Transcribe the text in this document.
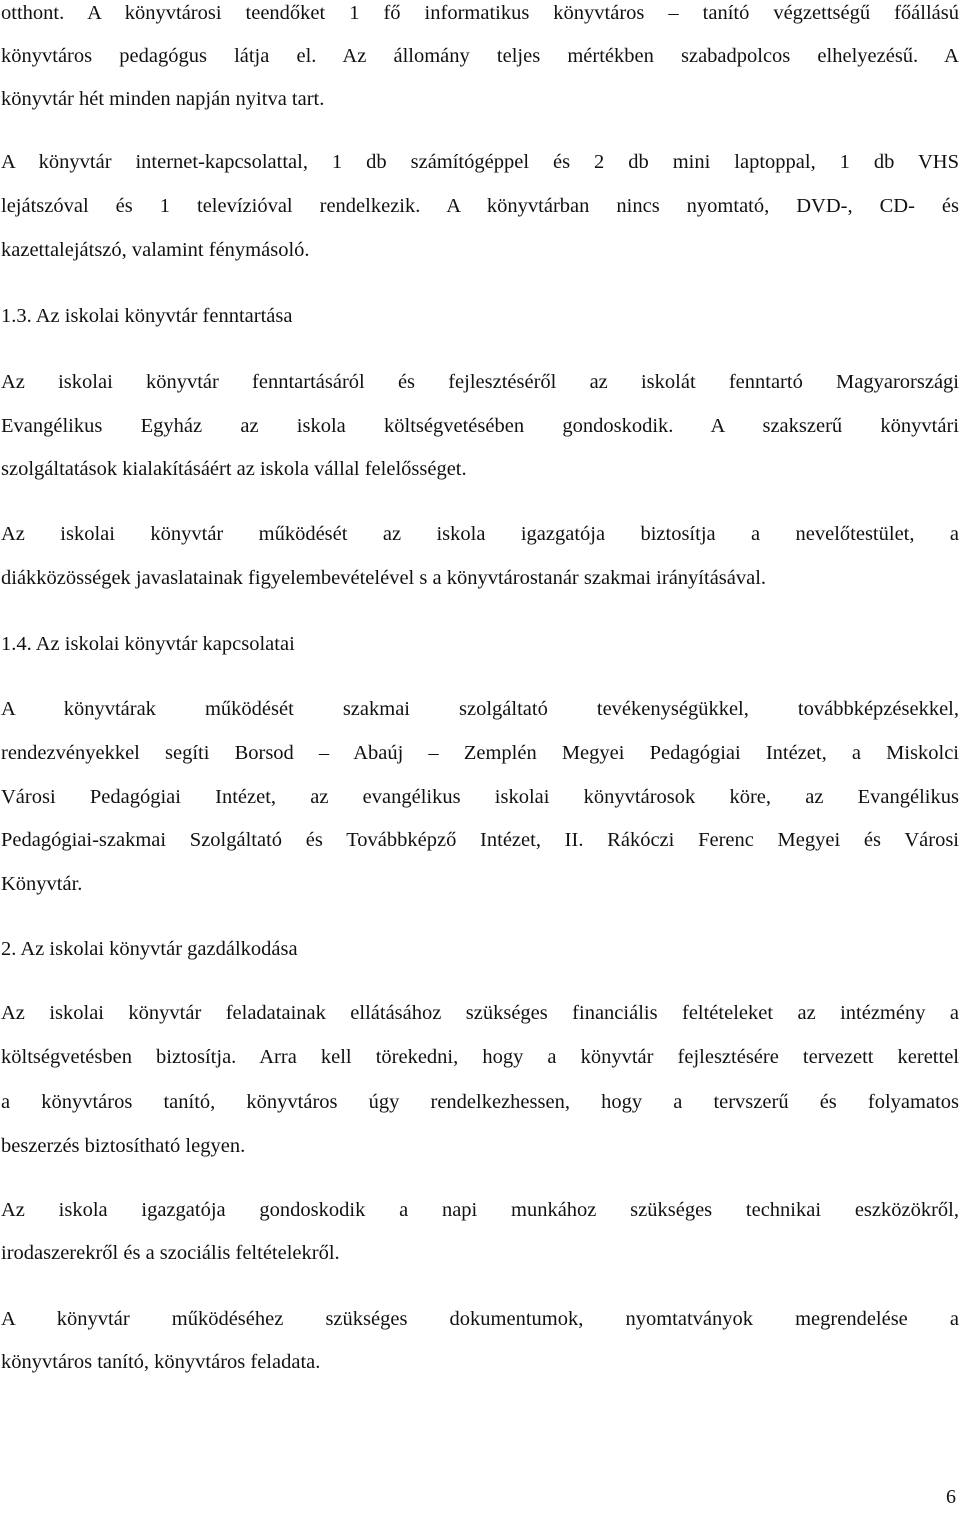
otthont. A könyvtárosi teendőket 1 fő informatikus könyvtáros – tanító végzettségű főállású
könyvtáros pedagógus látja el. Az állomány teljes mértékben szabadpolcos elhelyezésű. A
könyvtár hét minden napján nyitva tart.
A könyvtár internet-kapcsolattal, 1 db számítógéppel és 2 db mini laptoppal, 1 db VHS
lejátszóval és 1 televízióval rendelkezik. A könyvtárban nincs nyomtató, DVD-, CD- és
kazettalejátszó, valamint fénymásoló.
1.3. Az iskolai könyvtár fenntartása
Az iskolai könyvtár fenntartásáról és fejlesztéséről az iskolát fenntartó Magyarországi
Evangélikus Egyház az iskola költségvetésében gondoskodik. A szakszerű könyvtári
szolgáltatások kialakításáért az iskola vállal felelősséget.
Az iskolai könyvtár működését az iskola igazgatója biztosítja a nevelőtestület, a
diákközösségek javaslatainak figyelembevételével s a könyvtárostanár szakmai irányításával.
1.4. Az iskolai könyvtár kapcsolatai
A könyvtárak működését szakmai szolgáltató tevékenységükkel, továbbképzésekkel,
rendezvényekkel segíti Borsod – Abaúj – Zemplén Megyei Pedagógiai Intézet, a Miskolci
Városi Pedagógiai Intézet, az evangélikus iskolai könyvtárosok köre, az Evangélikus
Pedagógiai-szakmai Szolgáltató és Továbbképző Intézet, II. Rákóczi Ferenc Megyei és Városi
Könyvtár.
2. Az iskolai könyvtár gazdálkodása
Az iskolai könyvtár feladatainak ellátásához szükséges financiális feltételeket az intézmény a
költségvetésben biztosítja. Arra kell törekedni, hogy a könyvtár fejlesztésére tervezett kerettel
a könyvtáros tanító, könyvtáros úgy rendelkezhessen, hogy a tervszerű és folyamatos
beszerzés biztosítható legyen.
Az iskola igazgatója gondoskodik a napi munkához szükséges technikai eszközökről,
irodaszerekről és a szociális feltételekről.
A könyvtár működéséhez szükséges dokumentumok, nyomtatványok megrendelése a
könyvtáros tanító, könyvtáros feladata.
6
